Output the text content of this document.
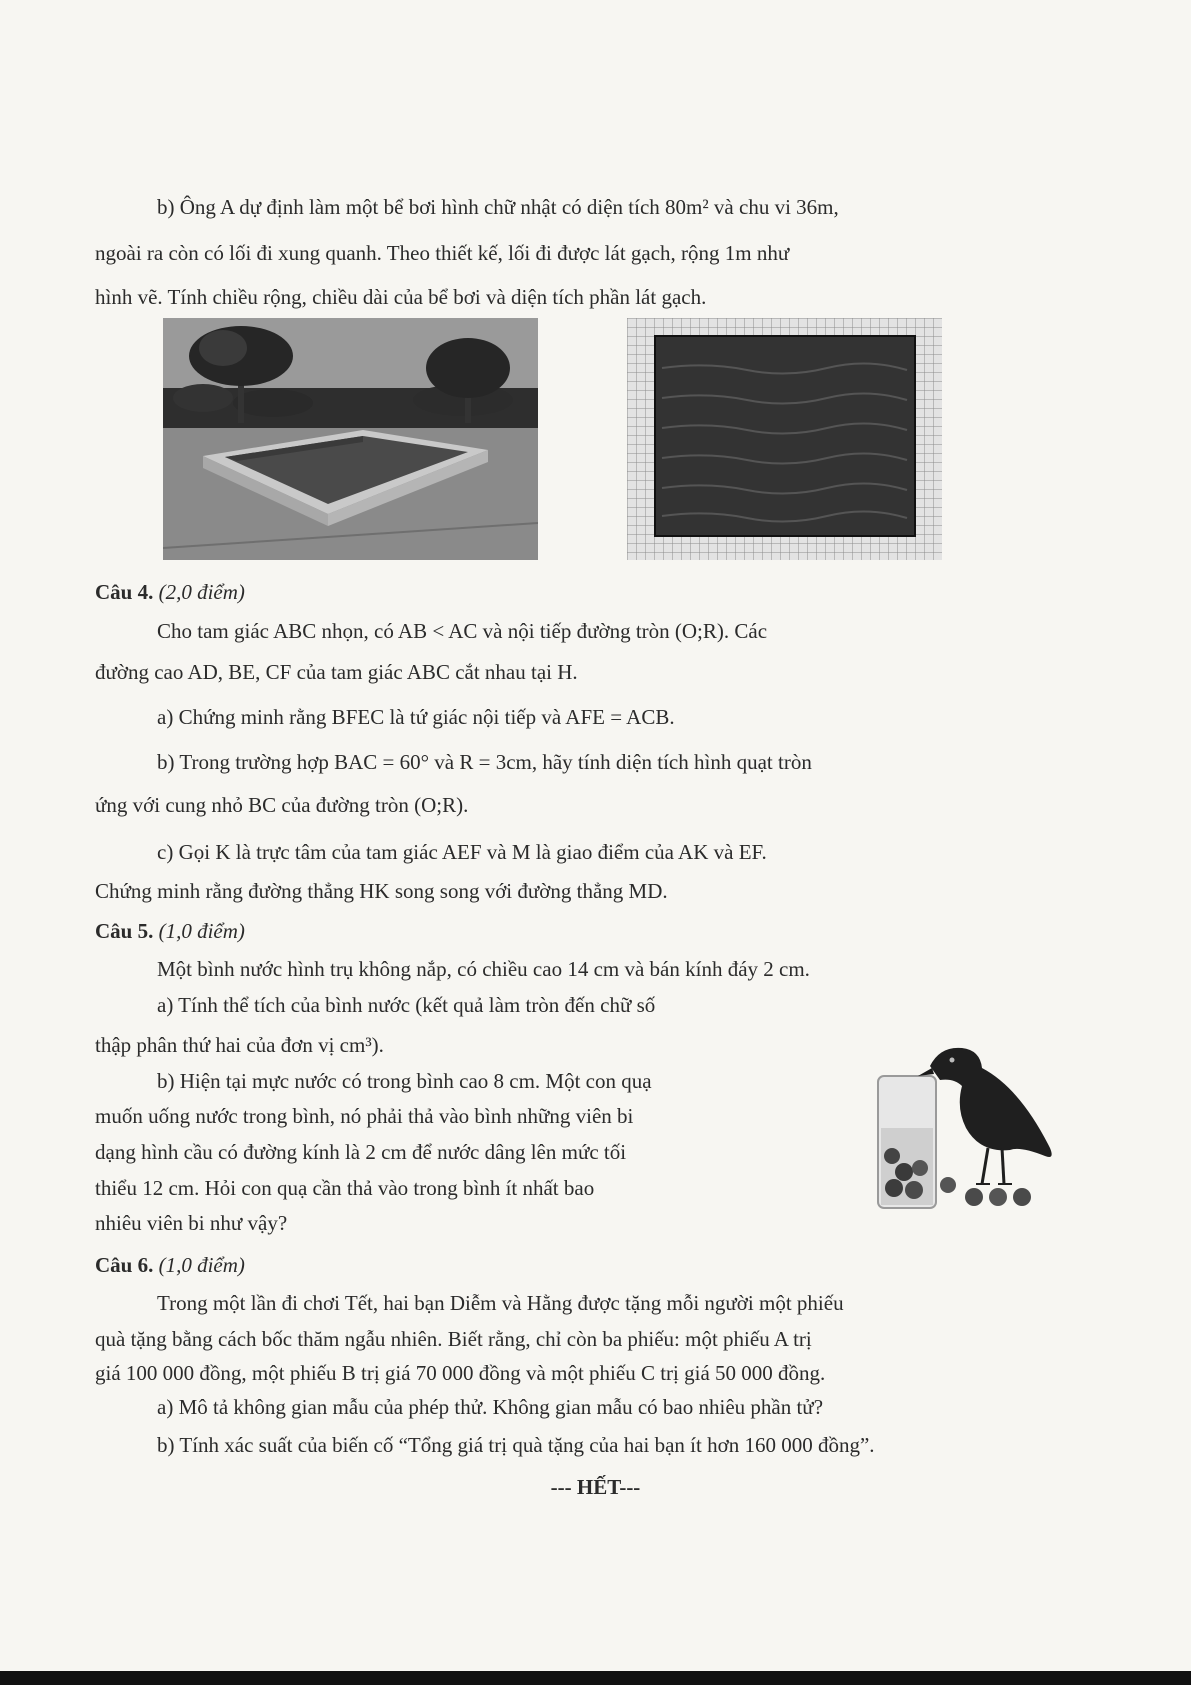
b) Ông A dự định làm một bể bơi hình chữ nhật có diện tích 80m² và chu vi 36m,
ngoài ra còn có lối đi xung quanh. Theo thiết kế, lối đi được lát gạch, rộng 1m như
hình vẽ. Tính chiều rộng, chiều dài của bể bơi và diện tích phần lát gạch.
Câu 4. (2,0 điểm)
Cho tam giác ABC nhọn, có AB < AC và nội tiếp đường tròn (O;R). Các
đường cao AD, BE, CF của tam giác ABC cắt nhau tại H.
a) Chứng minh rằng BFEC là tứ giác nội tiếp và AFE = ACB.
b) Trong trường hợp BAC = 60° và R = 3cm, hãy tính diện tích hình quạt tròn
ứng với cung nhỏ BC của đường tròn (O;R).
c) Gọi K là trực tâm của tam giác AEF và M là giao điểm của AK và EF.
Chứng minh rằng đường thẳng HK song song với đường thẳng MD.
Câu 5. (1,0 điểm)
Một bình nước hình trụ không nắp, có chiều cao 14 cm và bán kính đáy 2 cm.
a) Tính thể tích của bình nước (kết quả làm tròn đến chữ số
thập phân thứ hai của đơn vị cm³).
b) Hiện tại mực nước có trong bình cao 8 cm. Một con quạ
muốn uống nước trong bình, nó phải thả vào bình những viên bi
dạng hình cầu có đường kính là 2 cm để nước dâng lên mức tối
thiểu 12 cm. Hỏi con quạ cần thả vào trong bình ít nhất bao
nhiêu viên bi như vậy?
Câu 6. (1,0 điểm)
Trong một lần đi chơi Tết, hai bạn Diễm và Hằng được tặng mỗi người một phiếu
quà tặng bằng cách bốc thăm ngẫu nhiên. Biết rằng, chỉ còn ba phiếu: một phiếu A trị
giá 100 000 đồng, một phiếu B trị giá 70 000 đồng và một phiếu C trị giá 50 000 đồng.
a) Mô tả không gian mẫu của phép thử. Không gian mẫu có bao nhiêu phần tử?
b) Tính xác suất của biến cố “Tổng giá trị quà tặng của hai bạn ít hơn 160 000 đồng”.
--- HẾT---
